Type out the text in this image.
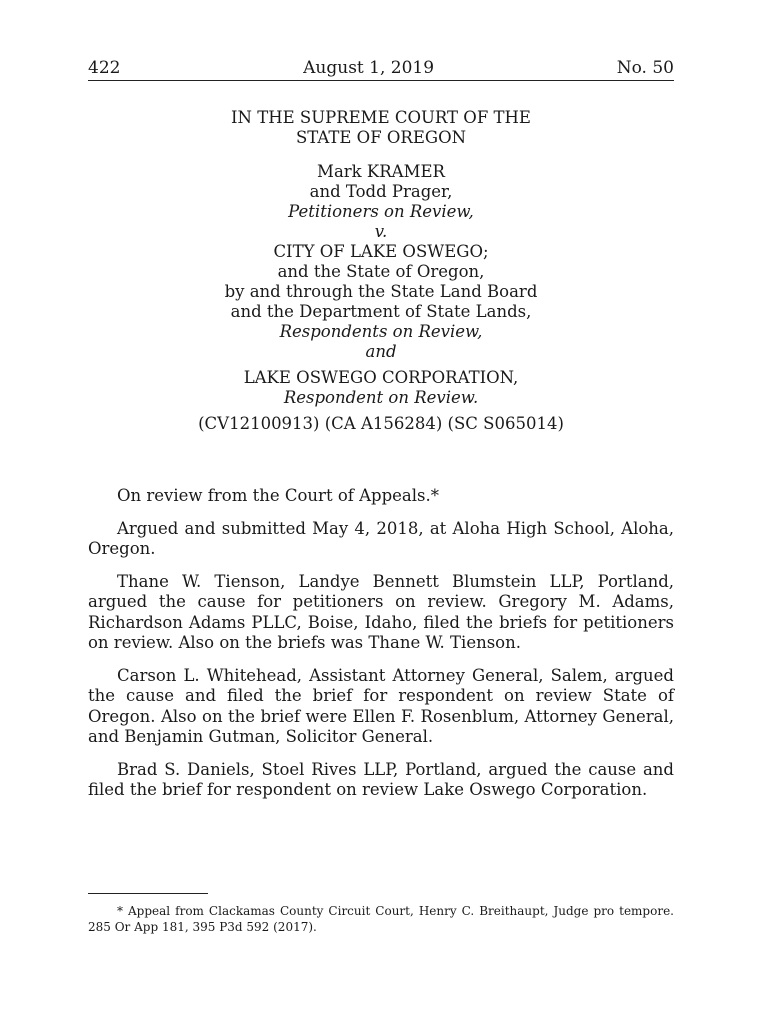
422	August 1, 2019	No. 50
IN THE SUPREME COURT OF THE
STATE OF OREGON
Mark KRAMER
and Todd Prager,
Petitioners on Review,
v.
CITY OF LAKE OSWEGO;
and the State of Oregon,
by and through the State Land Board
and the Department of State Lands,
Respondents on Review,
and
LAKE OSWEGO CORPORATION,
Respondent on Review.
(CV12100913) (CA A156284) (SC S065014)

On review from the Court of Appeals.*

Argued and submitted May 4, 2018, at Aloha High School, Aloha, Oregon.

Thane W. Tienson, Landye Bennett Blumstein LLP, Portland, argued the cause for petitioners on review. Gregory M. Adams, Richardson Adams PLLC, Boise, Idaho, filed the briefs for petitioners on review. Also on the briefs was Thane W. Tienson.

Carson L. Whitehead, Assistant Attorney General, Salem, argued the cause and filed the brief for respondent on review State of Oregon. Also on the brief were Ellen F. Rosenblum, Attorney General, and Benjamin Gutman, Solicitor General.

Brad S. Daniels, Stoel Rives LLP, Portland, argued the cause and filed the brief for respondent on review Lake Oswego Corporation.

* Appeal from Clackamas County Circuit Court, Henry C. Breithaupt, Judge pro tempore. 285 Or App 181, 395 P3d 592 (2017).
